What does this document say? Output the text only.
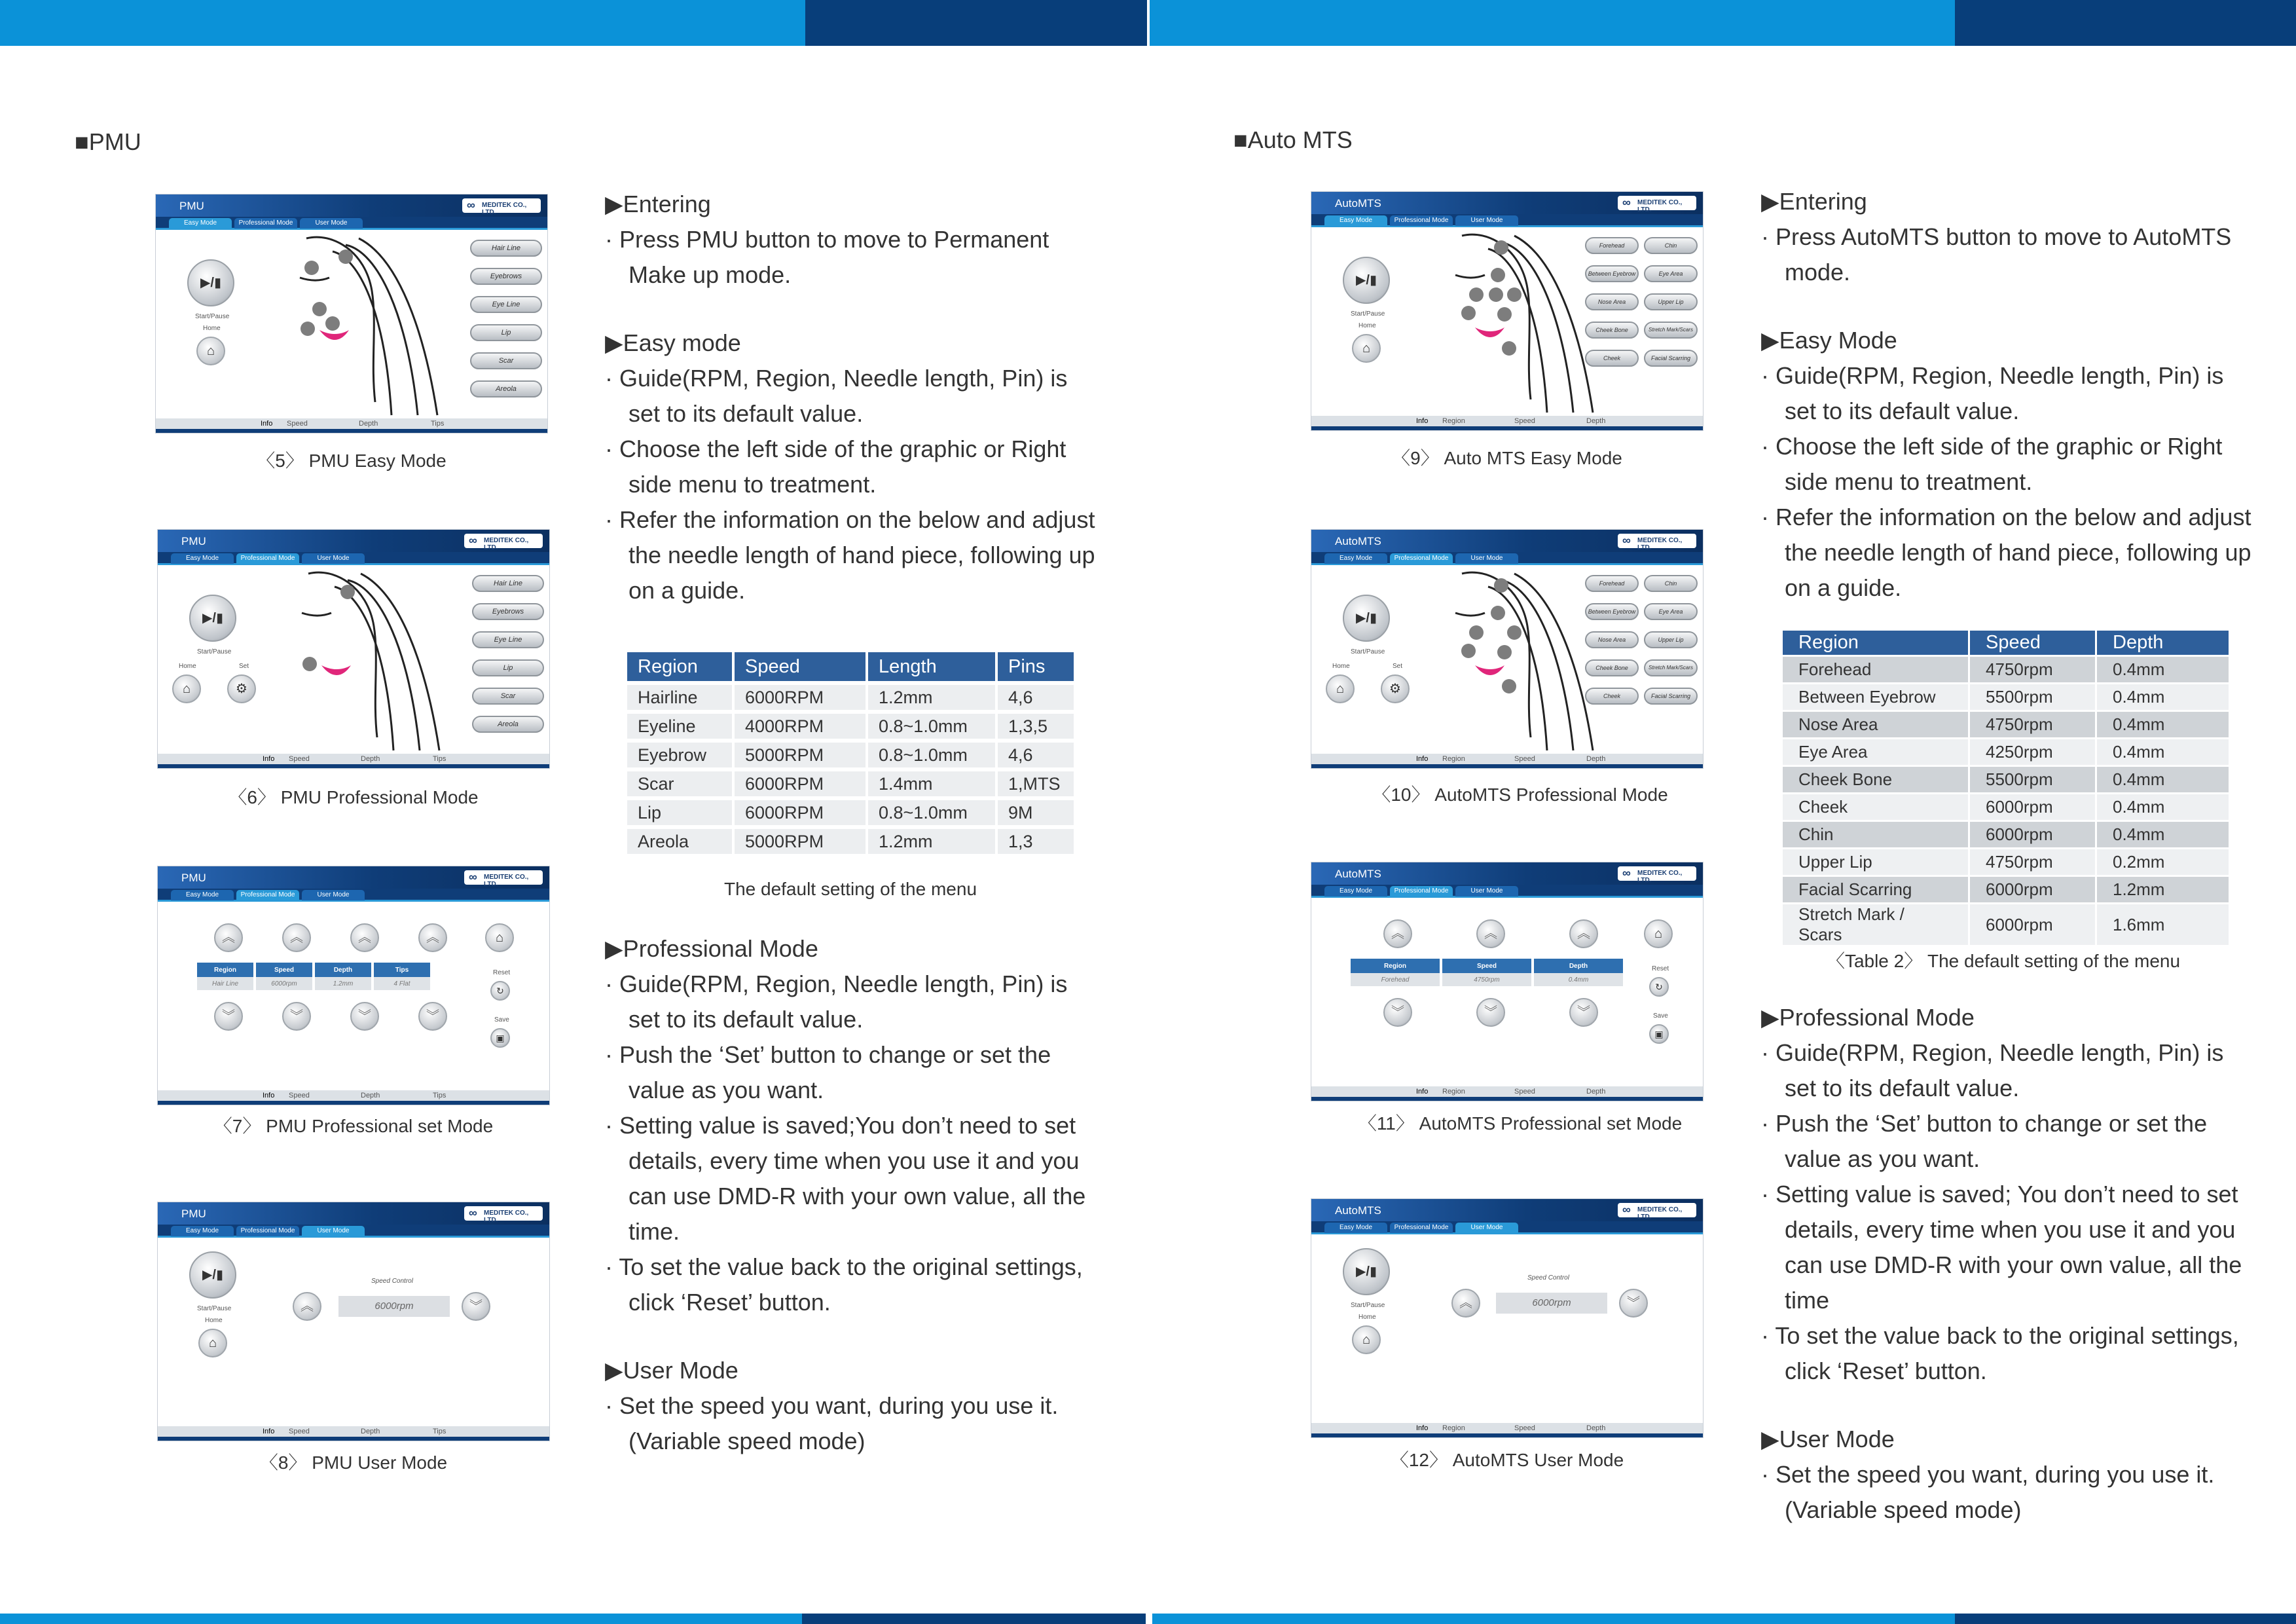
■PMU
PMU	∞ MEDITEK CO., LTD.
Easy Mode	Professional Mode	User Mode
▶/▮
Start/Pause
Home
⌂
Hair Line
Eyebrows
Eye Line
Lip
Scar
Areola
Info Speed	Depth	Tips
〈5〉 PMU Easy Mode
PMU	∞ MEDITEK CO., LTD.
Easy Mode	Professional Mode	User Mode
▶/▮
Start/Pause
Home	Set
⌂	⚙
Hair Line
Eyebrows
Eye Line
Lip
Scar
Areola
Info Speed	Depth	Tips
〈6〉 PMU Professional Mode
PMU	∞ MEDITEK CO., LTD.
Easy Mode	Professional Mode	User Mode
︽	︽	︽	︽	⌂
Region	Speed	Depth	Tips
Hair Line	6000rpm	1.2mm	4 Flat
Reset
↻
︾	︾	︾	︾	Save
▣
Info Speed	Depth	Tips
〈7〉 PMU Professional set Mode
PMU	∞ MEDITEK CO., LTD.
Easy Mode	Professional Mode	User Mode
▶/▮
Start/Pause
Home
⌂
Speed Control
︽	6000rpm	︾
Info Speed	Depth	Tips
〈8〉 PMU User Mode
▶Entering
· Press PMU button to move to Permanent Make up mode.
▶Easy mode
· Guide(RPM, Region, Needle length, Pin) is set to its default value.
· Choose the left side of the graphic or Right side menu to treatment.
· Refer the information on the below and adjust the needle length of hand piece, following up on a guide.
Region	Speed	Length	Pins
Hairline	6000RPM	1.2mm	4,6
Eyeline	4000RPM	0.8~1.0mm	1,3,5
Eyebrow	5000RPM	0.8~1.0mm	4,6
Scar	6000RPM	1.4mm	1,MTS
Lip	6000RPM	0.8~1.0mm	9M
Areola	5000RPM	1.2mm	1,3
The default setting of the menu
▶Professional Mode
· Guide(RPM, Region, Needle length, Pin) is set to its default value.
· Push the ‘Set’ button to change or set the value as you want.
· Setting value is saved;You don’t need to set details, every time when you use it and you can use DMD-R with your own value, all the time.
· To set the value back to the original settings, click ‘Reset’ button.
▶User Mode
· Set the speed you want, during you use it. (Variable speed mode)
■Auto MTS
AutoMTS	∞ MEDITEK CO., LTD.
Easy Mode	Professional Mode	User Mode
▶/▮
Start/Pause
Home
⌂
Forehead	Chin
Between Eyebrow	Eye Area
Nose Area	Upper Lip
Cheek Bone	Stretch Mark/Scars
Cheek	Facial Scarring
Info Region	Speed	Depth
〈9〉 Auto MTS Easy Mode
AutoMTS	∞ MEDITEK CO., LTD.
Easy Mode	Professional Mode	User Mode
▶/▮
Start/Pause
Home	Set
⌂	⚙
Forehead	Chin
Between Eyebrow	Eye Area
Nose Area	Upper Lip
Cheek Bone	Stretch Mark/Scars
Cheek	Facial Scarring
Info Region	Speed	Depth
〈10〉 AutoMTS Professional Mode
AutoMTS	∞ MEDITEK CO., LTD.
Easy Mode	Professional Mode	User Mode
︽	︽	︽	⌂
Region	Speed	Depth
Forehead	4750rpm	0.4mm
Reset
↻
︾	︾	︾	Save
▣
Info Region	Speed	Depth
〈11〉 AutoMTS Professional set Mode
AutoMTS	∞ MEDITEK CO., LTD.
Easy Mode	Professional Mode	User Mode
▶/▮
Start/Pause
Home
⌂
Speed Control
︽	6000rpm	︾
Info Region	Speed	Depth
〈12〉 AutoMTS User Mode
▶Entering
· Press AutoMTS button to move to AutoMTS mode.
▶Easy Mode
· Guide(RPM, Region, Needle length, Pin) is set to its default value.
· Choose the left side of the graphic or Right side menu to treatment.
· Refer the information on the below and adjust the needle length of hand piece, following up on a guide.
Region	Speed	Depth
Forehead	4750rpm	0.4mm
Between Eyebrow	5500rpm	0.4mm
Nose Area	4750rpm	0.4mm
Eye Area	4250rpm	0.4mm
Cheek Bone	5500rpm	0.4mm
Cheek	6000rpm	0.4mm
Chin	6000rpm	0.4mm
Upper Lip	4750rpm	0.2mm
Facial Scarring	6000rpm	1.2mm
Stretch Mark / Scars	6000rpm	1.6mm
〈Table 2〉 The default setting of the menu
▶Professional Mode
· Guide(RPM, Region, Needle length, Pin) is set to its default value.
· Push the ‘Set’ button to change or set the value as you want.
· Setting value is saved; You don’t need to set details, every time when you use it and you can use DMD-R with your own value, all the time
· To set the value back to the original settings, click ‘Reset’ button.
▶User Mode
· Set the speed you want, during you use it. (Variable speed mode)
